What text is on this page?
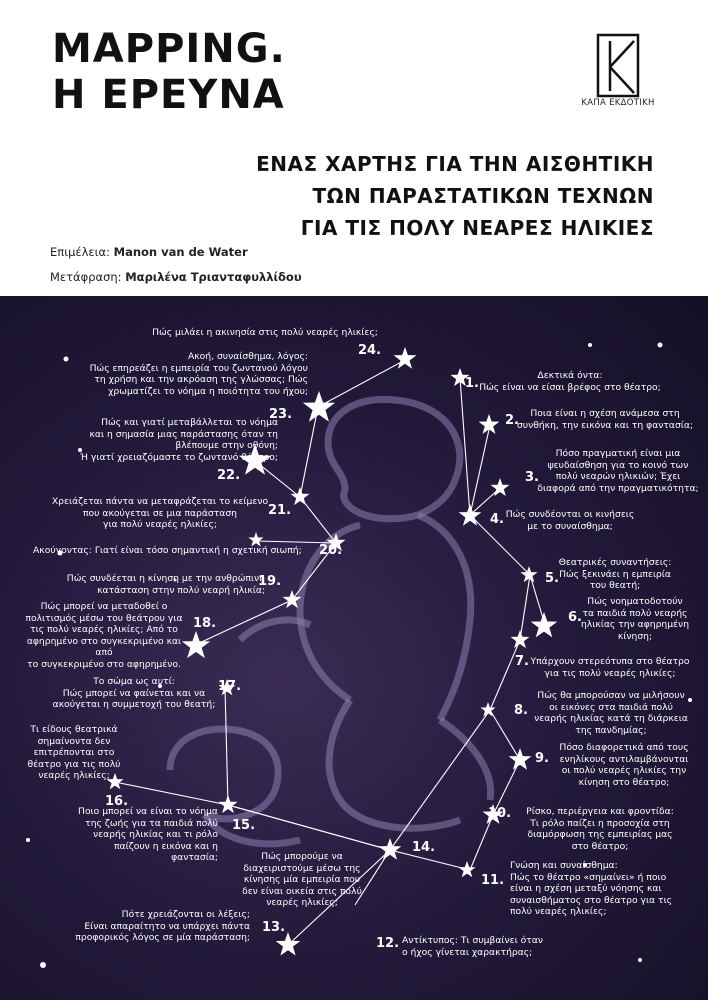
MAPPING.
Η ΕΡΕΥΝΑ	ΚΑΠΑ ΕΚΔΟΤΙΚΗ
ΕΝΑΣ ΧΑΡΤΗΣ ΓΙΑ ΤΗΝ ΑΙΣΘΗΤΙΚΗ
ΤΩΝ ΠΑΡΑΣΤΑΤΙΚΩΝ ΤΕΧΝΩΝ
ΓΙΑ ΤΙΣ ΠΟΛΥ ΝΕΑΡΕΣ ΗΛΙΚΙΕΣ
Επιμέλεια: Manon van de Water
Μετάφραση: Μαριλένα Τριανταφυλλίδου
24.
Πώς μιλάει η ακινησία στις πολύ νεαρές ηλικίες;
Ακοή, συναίσθημα, λόγος:
Πώς επηρεάζει η εμπειρία του ζωντανού λόγου
τη χρήση και την ακρόαση της γλώσσας; Πώς
χρωματίζει το νόημα η ποιότητα του ήχου;
23.
Πώς και γιατί μεταβάλλεται το νόημα
και η σημασία μιας παράστασης όταν τη
βλέπουμε στην οθόνη;
Ή γιατί χρειαζόμαστε το ζωντανό θέατρο;
22.
Χρειάζεται πάντα να μεταφράζεται το κείμενο
που ακούγεται σε μια παράσταση
για πολύ νεαρές ηλικίες;
21.
Ακούγοντας: Γιατί είναι τόσο σημαντική η σχετική σιωπή;	20.
Πώς συνδέεται η κίνηση με την ανθρώπινη
κατάσταση στην πολύ νεαρή ηλικία;
19.
Πώς μπορεί να μεταδοθεί ο
πολιτισμός μέσω του θεάτρου για
τις πολύ νεαρές ηλικίες; Από το
αφηρημένο στο συγκεκριμένο και από
το συγκεκριμένο στο αφηρημένο.
18.
Το σώμα ως αυτί:
Πώς μπορεί να φαίνεται και να
ακούγεται η συμμετοχή του θεατή;
17.
Τι είδους θεατρικά
σημαίνοντα δεν
επιτρέπονται στο
θέατρο για τις πολύ
νεαρές ηλικίες;
16.
Ποιο μπορεί να είναι το νόημα
της ζωής για τα παιδιά πολύ
νεαρής ηλικίας και τι ρόλο
παίζουν η εικόνα και η φαντασία;
15.
Πώς μπορούμε να
διαχειριστούμε μέσω της
κίνησης μία εμπειρία που
δεν είναι οικεία στις πολύ
νεαρές ηλικίες;
14.
Πότε χρειάζονται οι λέξεις;
Είναι απαραίτητο να υπάρχει πάντα
προφορικός λόγος σε μία παράσταση;
13.
12. Αντίκτυπος: Τι συμβαίνει όταν
ο ήχος γίνεται χαρακτήρας;
11.
Γνώση και συναίσθημα:
Πώς το θέατρο «σημαίνει» ή ποιο
είναι η σχέση μεταξύ νόησης και
συναισθήματος στο θέατρο για τις
πολύ νεαρές ηλικίες;
10.	Ρίσκο, περιέργεια και φροντίδα:
Τι ρόλο παίζει η προσοχία στη
διαμόρφωση της εμπειρίας μας
στο θέατρο;
9.
Πόσο διαφορετικά από τους
ενηλίκους αντιλαμβάνονται
οι πολύ νεαρές ηλικίες την
κίνηση στο θέατρο;
8.
Πώς θα μπορούσαν να μιλήσουν
οι εικόνες στα παιδιά πολύ
νεαρής ηλικίας κατά τη διάρκεια
της πανδημίας;
7. Υπάρχουν στερεότυπα στο θέατρο
για τις πολύ νεαρές ηλικίες;
6.
Πώς νοηματοδοτούν
τα παιδιά πολύ νεαρής
ηλικίας την αφηρημένη
κίνηση;
5.
Θεατρικές συναντήσεις:
Πώς ξεκινάει η εμπειρία
του θεατή;
4. Πώς συνδέονται οι κινήσεις
με το συναίσθημα;
3.
Πόσο πραγματική είναι μια
ψευδαίσθηση για το κοινό των
πολύ νεαρών ηλικιών; Έχει
διαφορά από την πραγματικότητα;
2.	Ποια είναι η σχέση ανάμεσα στη
συνθήκη, την εικόνα και τη φαντασία;
1.
Δεκτικά όντα:
Πώς είναι να είσαι βρέφος στο θέατρο;
